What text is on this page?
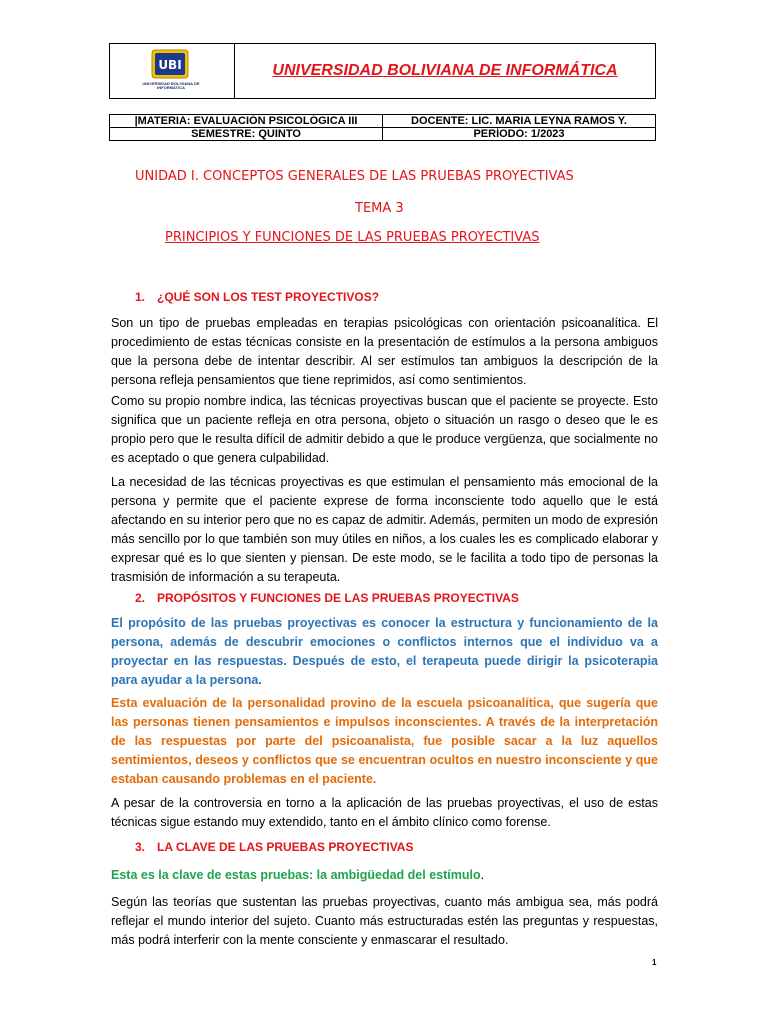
UBI
UNIVERSIDAD BOLIVIANA DE INFORMATICA
UNIVERSIDAD BOLIVIANA DE INFORMÁTICA
|MATERIA: EVALUACIÓN PSICOLÓGICA III	DOCENTE: LIC. MARIA LEYNA RAMOS Y.
SEMESTRE: QUINTO	PERÍODO: 1/2023
UNIDAD I. CONCEPTOS GENERALES DE LAS PRUEBAS PROYECTIVAS
TEMA 3
PRINCIPIOS Y FUNCIONES DE LAS PRUEBAS PROYECTIVAS
1. ¿QUÉ SON LOS TEST PROYECTIVOS?

Son un tipo de pruebas empleadas en terapias psicológicas con orientación psicoanalítica. El procedimiento de estas técnicas consiste en la presentación de estímulos a la persona ambiguos que la persona debe de intentar describir. Al ser estímulos tan ambiguos la descripción de la persona refleja pensamientos que tiene reprimidos, así como sentimientos.

Como su propio nombre indica, las técnicas proyectivas buscan que el paciente se proyecte. Esto significa que un paciente refleja en otra persona, objeto o situación un rasgo o deseo que le es propio pero que le resulta difícil de admitir debido a que le produce vergüenza, que socialmente no es aceptado o que genera culpabilidad.

La necesidad de las técnicas proyectivas es que estimulan el pensamiento más emocional de la persona y permite que el paciente exprese de forma inconsciente todo aquello que le está afectando en su interior pero que no es capaz de admitir. Además, permiten un modo de expresión más sencillo por lo que también son muy útiles en niños, a los cuales les es complicado elaborar y expresar qué es lo que sienten y piensan. De este modo, se le facilita a todo tipo de personas la trasmisión de información a su terapeuta.

2. PROPÓSITOS Y FUNCIONES DE LAS PRUEBAS PROYECTIVAS

El propósito de las pruebas proyectivas es conocer la estructura y funcionamiento de la persona, además de descubrir emociones o conflictos internos que el individuo va a proyectar en las respuestas. Después de esto, el terapeuta puede dirigir la psicoterapia para ayudar a la persona.

Esta evaluación de la personalidad provino de la escuela psicoanalítica, que sugería que las personas tienen pensamientos e impulsos inconscientes. A través de la interpretación de las respuestas por parte del psicoanalista, fue posible sacar a la luz aquellos sentimientos, deseos y conflictos que se encuentran ocultos en nuestro inconsciente y que estaban causando problemas en el paciente.

A pesar de la controversia en torno a la aplicación de las pruebas proyectivas, el uso de estas técnicas sigue estando muy extendido, tanto en el ámbito clínico como forense.

3. LA CLAVE DE LAS PRUEBAS PROYECTIVAS

Esta es la clave de estas pruebas: la ambigüedad del estímulo.

Según las teorías que sustentan las pruebas proyectivas, cuanto más ambigua sea, más podrá reflejar el mundo interior del sujeto. Cuanto más estructuradas estén las preguntas y respuestas, más podrá interferir con la mente consciente y enmascarar el resultado.

1
